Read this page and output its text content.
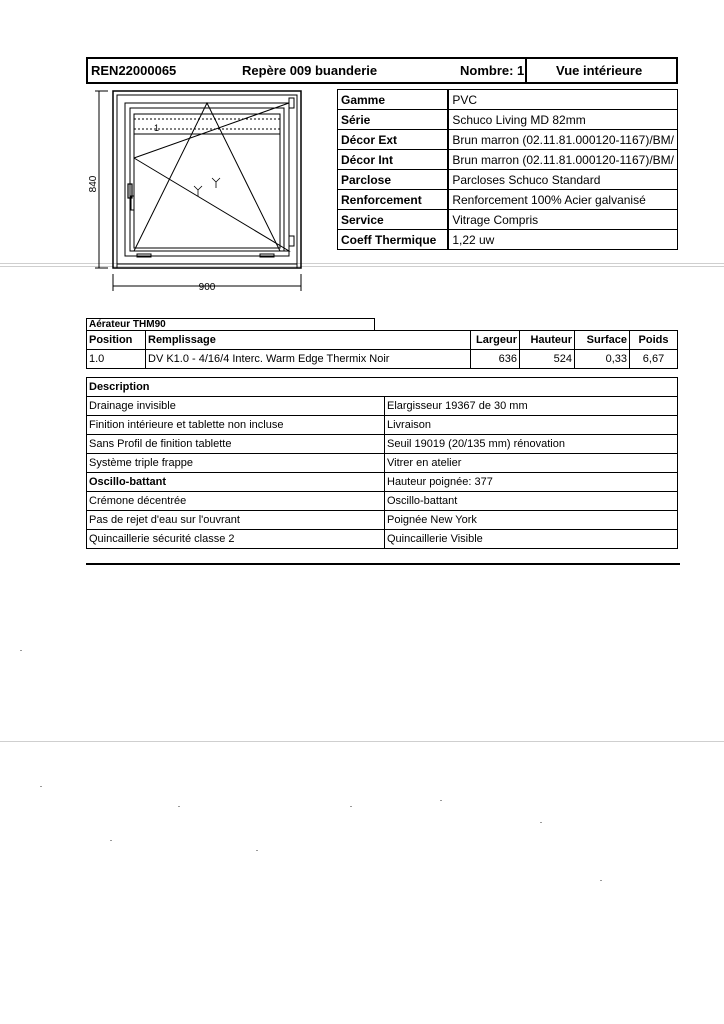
REN22000065	Repère 009 buanderie	Nombre: 1 Vue intérieure
840
900
1
Gamme	PVC
Série	Schuco Living MD 82mm
Décor Ext	Brun marron (02.11.81.000120-1167)/BM/
Décor Int	Brun marron (02.11.81.000120-1167)/BM/
Parclose	Parcloses Schuco Standard
Renforcement	Renforcement 100% Acier galvanisé
Service	Vitrage Compris
Coeff Thermique	1,22 uw
Aérateur THM90
Position	Remplissage	Largeur	Hauteur	Surface	Poids
1.0	DV K1.0 - 4/16/4 Interc. Warm Edge Thermix Noir	636	524	0,33	6,67
Description	
Drainage invisible	Elargisseur 19367 de 30 mm
Finition intérieure et tablette non incluse	Livraison
Sans Profil de finition tablette	Seuil 19019 (20/135 mm) rénovation
Système triple frappe	Vitrer en atelier
Oscillo-battant	Hauteur poignée: 377
Crémone décentrée	Oscillo-battant
Pas de rejet d'eau sur l'ouvrant	Poignée New York
Quincaillerie sécurité classe 2	Quincaillerie Visible
